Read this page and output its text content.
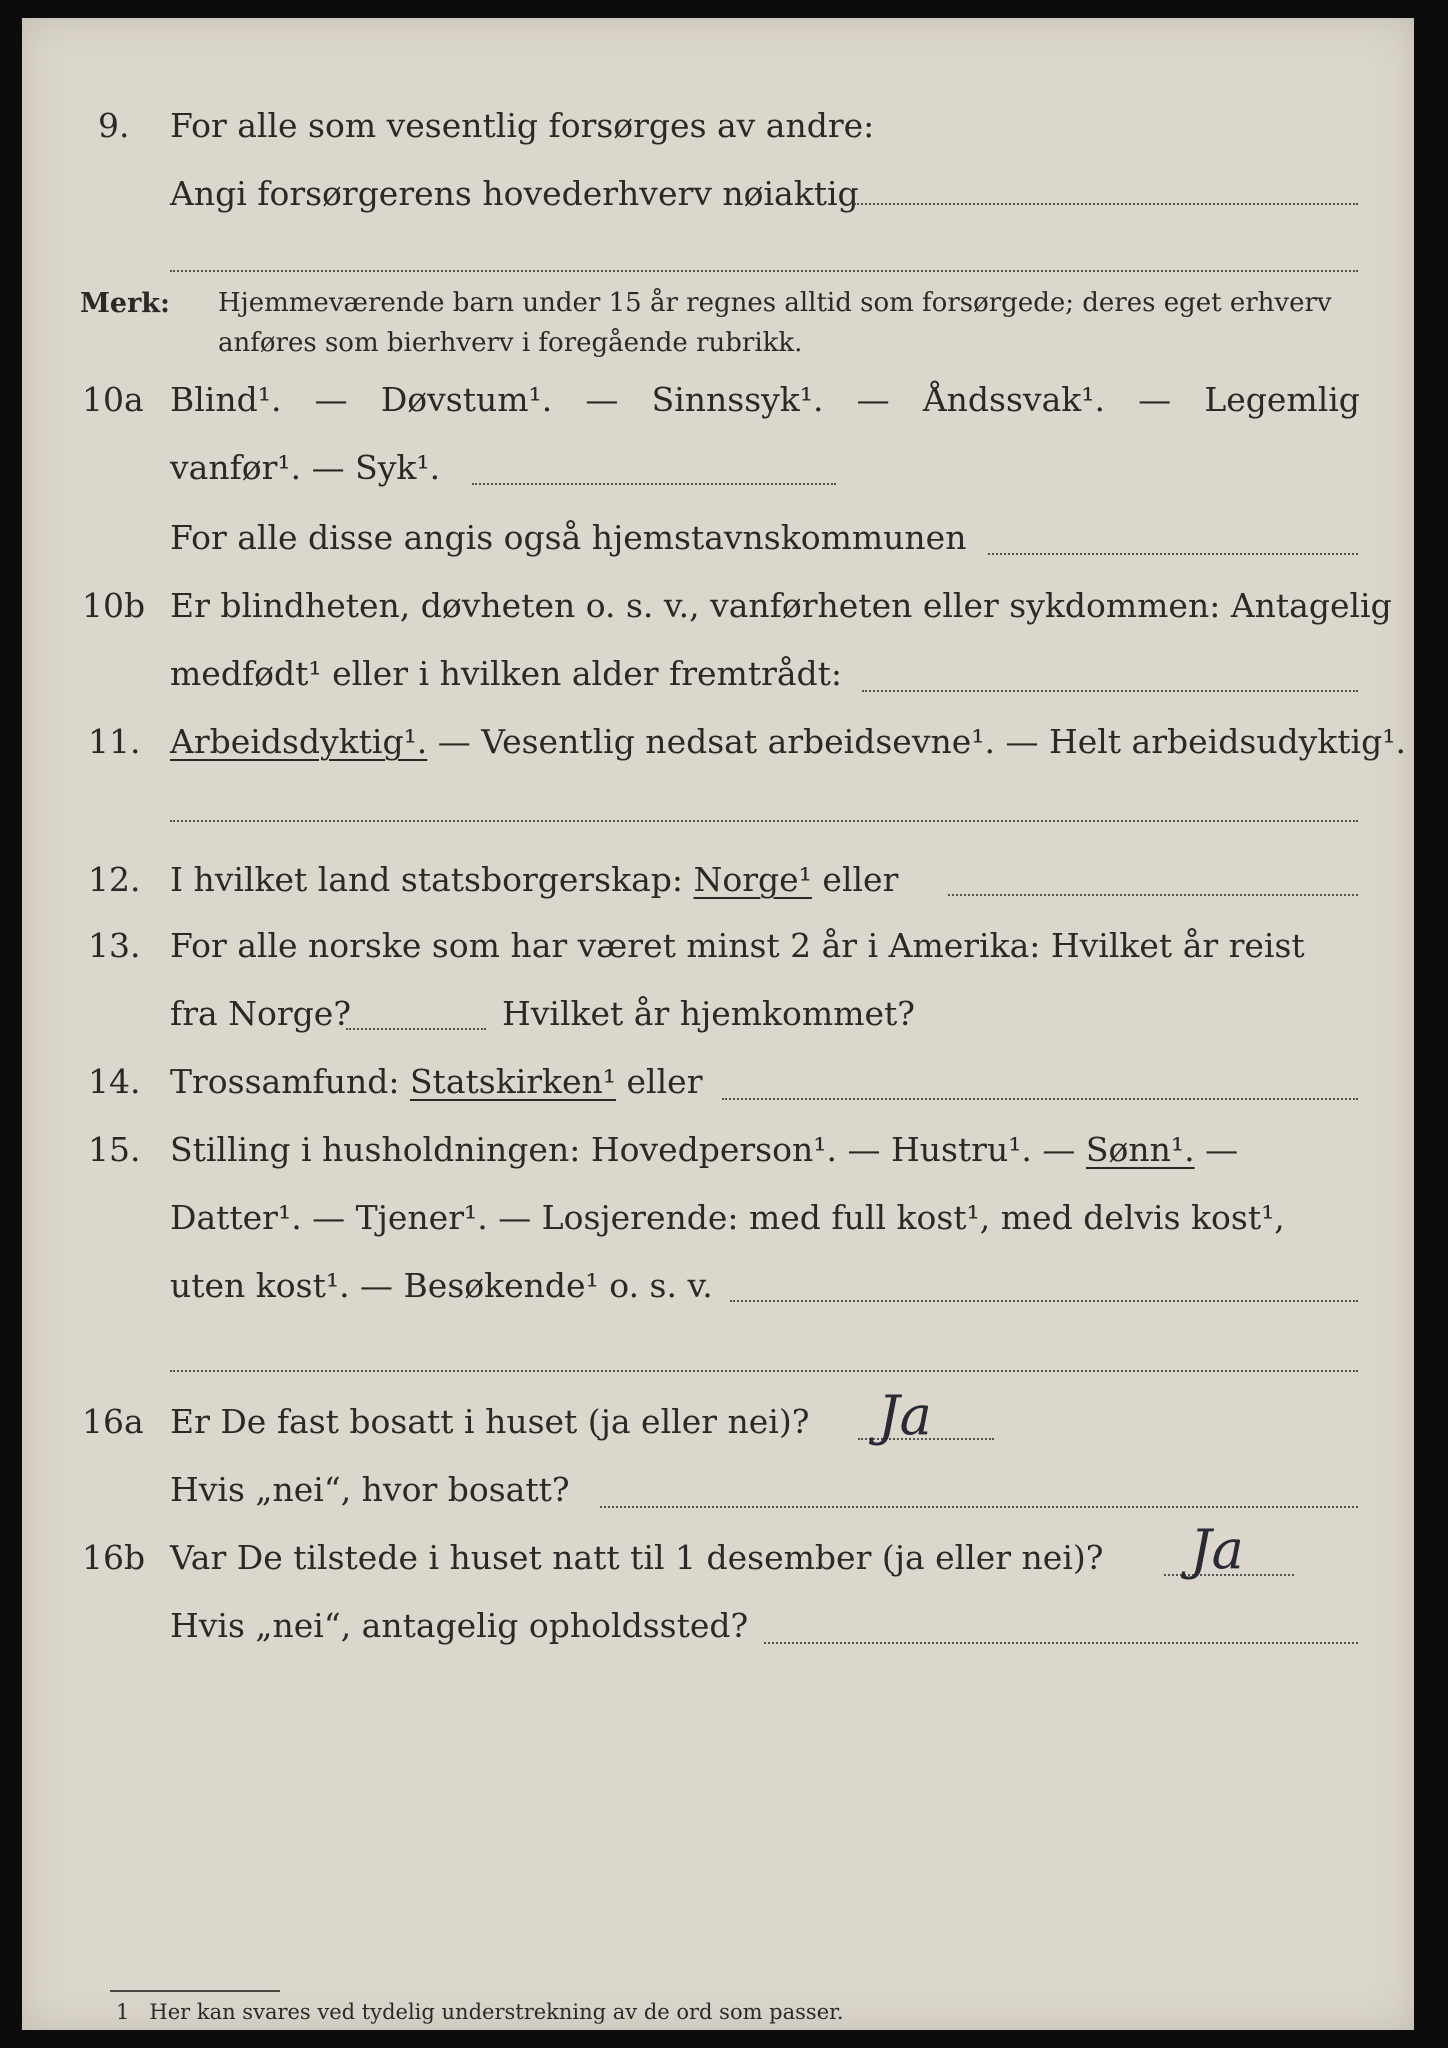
9. For alle som vesentlig forsørges av andre:
Angi forsørgerens hovederhverv nøiaktig
Merk: Hjemmeværende barn under 15 år regnes alltid som forsørgede; deres eget erhverv
anføres som bierhverv i foregående rubrikk.
10a Blind¹. — Døvstum¹. — Sinnssyk¹. — Åndssvak¹. — Legemlig
vanfør¹. — Syk¹.
For alle disse angis også hjemstavnskommunen
10b Er blindheten, døvheten o. s. v., vanførheten eller sykdommen: Antagelig
medfødt¹ eller i hvilken alder fremtrådt:
11. Arbeidsdyktig¹. — Vesentlig nedsat arbeidsevne¹. — Helt arbeidsudyktig¹.
12. I hvilket land statsborgerskap: Norge¹ eller
13. For alle norske som har været minst 2 år i Amerika: Hvilket år reist
fra Norge?	Hvilket år hjemkommet?
14. Trossamfund: Statskirken¹ eller
15. Stilling i husholdningen: Hovedperson¹. — Hustru¹. — Sønn¹. —
Datter¹. — Tjener¹. — Losjerende: med full kost¹, med delvis kost¹,
uten kost¹. — Besøkende¹ o. s. v.
16a Er De fast bosatt i huset (ja eller nei)? Ja
Hvis „nei“, hvor bosatt?
16b Var De tilstede i huset natt til 1 desember (ja eller nei)? Ja
Hvis „nei“, antagelig opholdssted?
1 Her kan svares ved tydelig understrekning av de ord som passer.
